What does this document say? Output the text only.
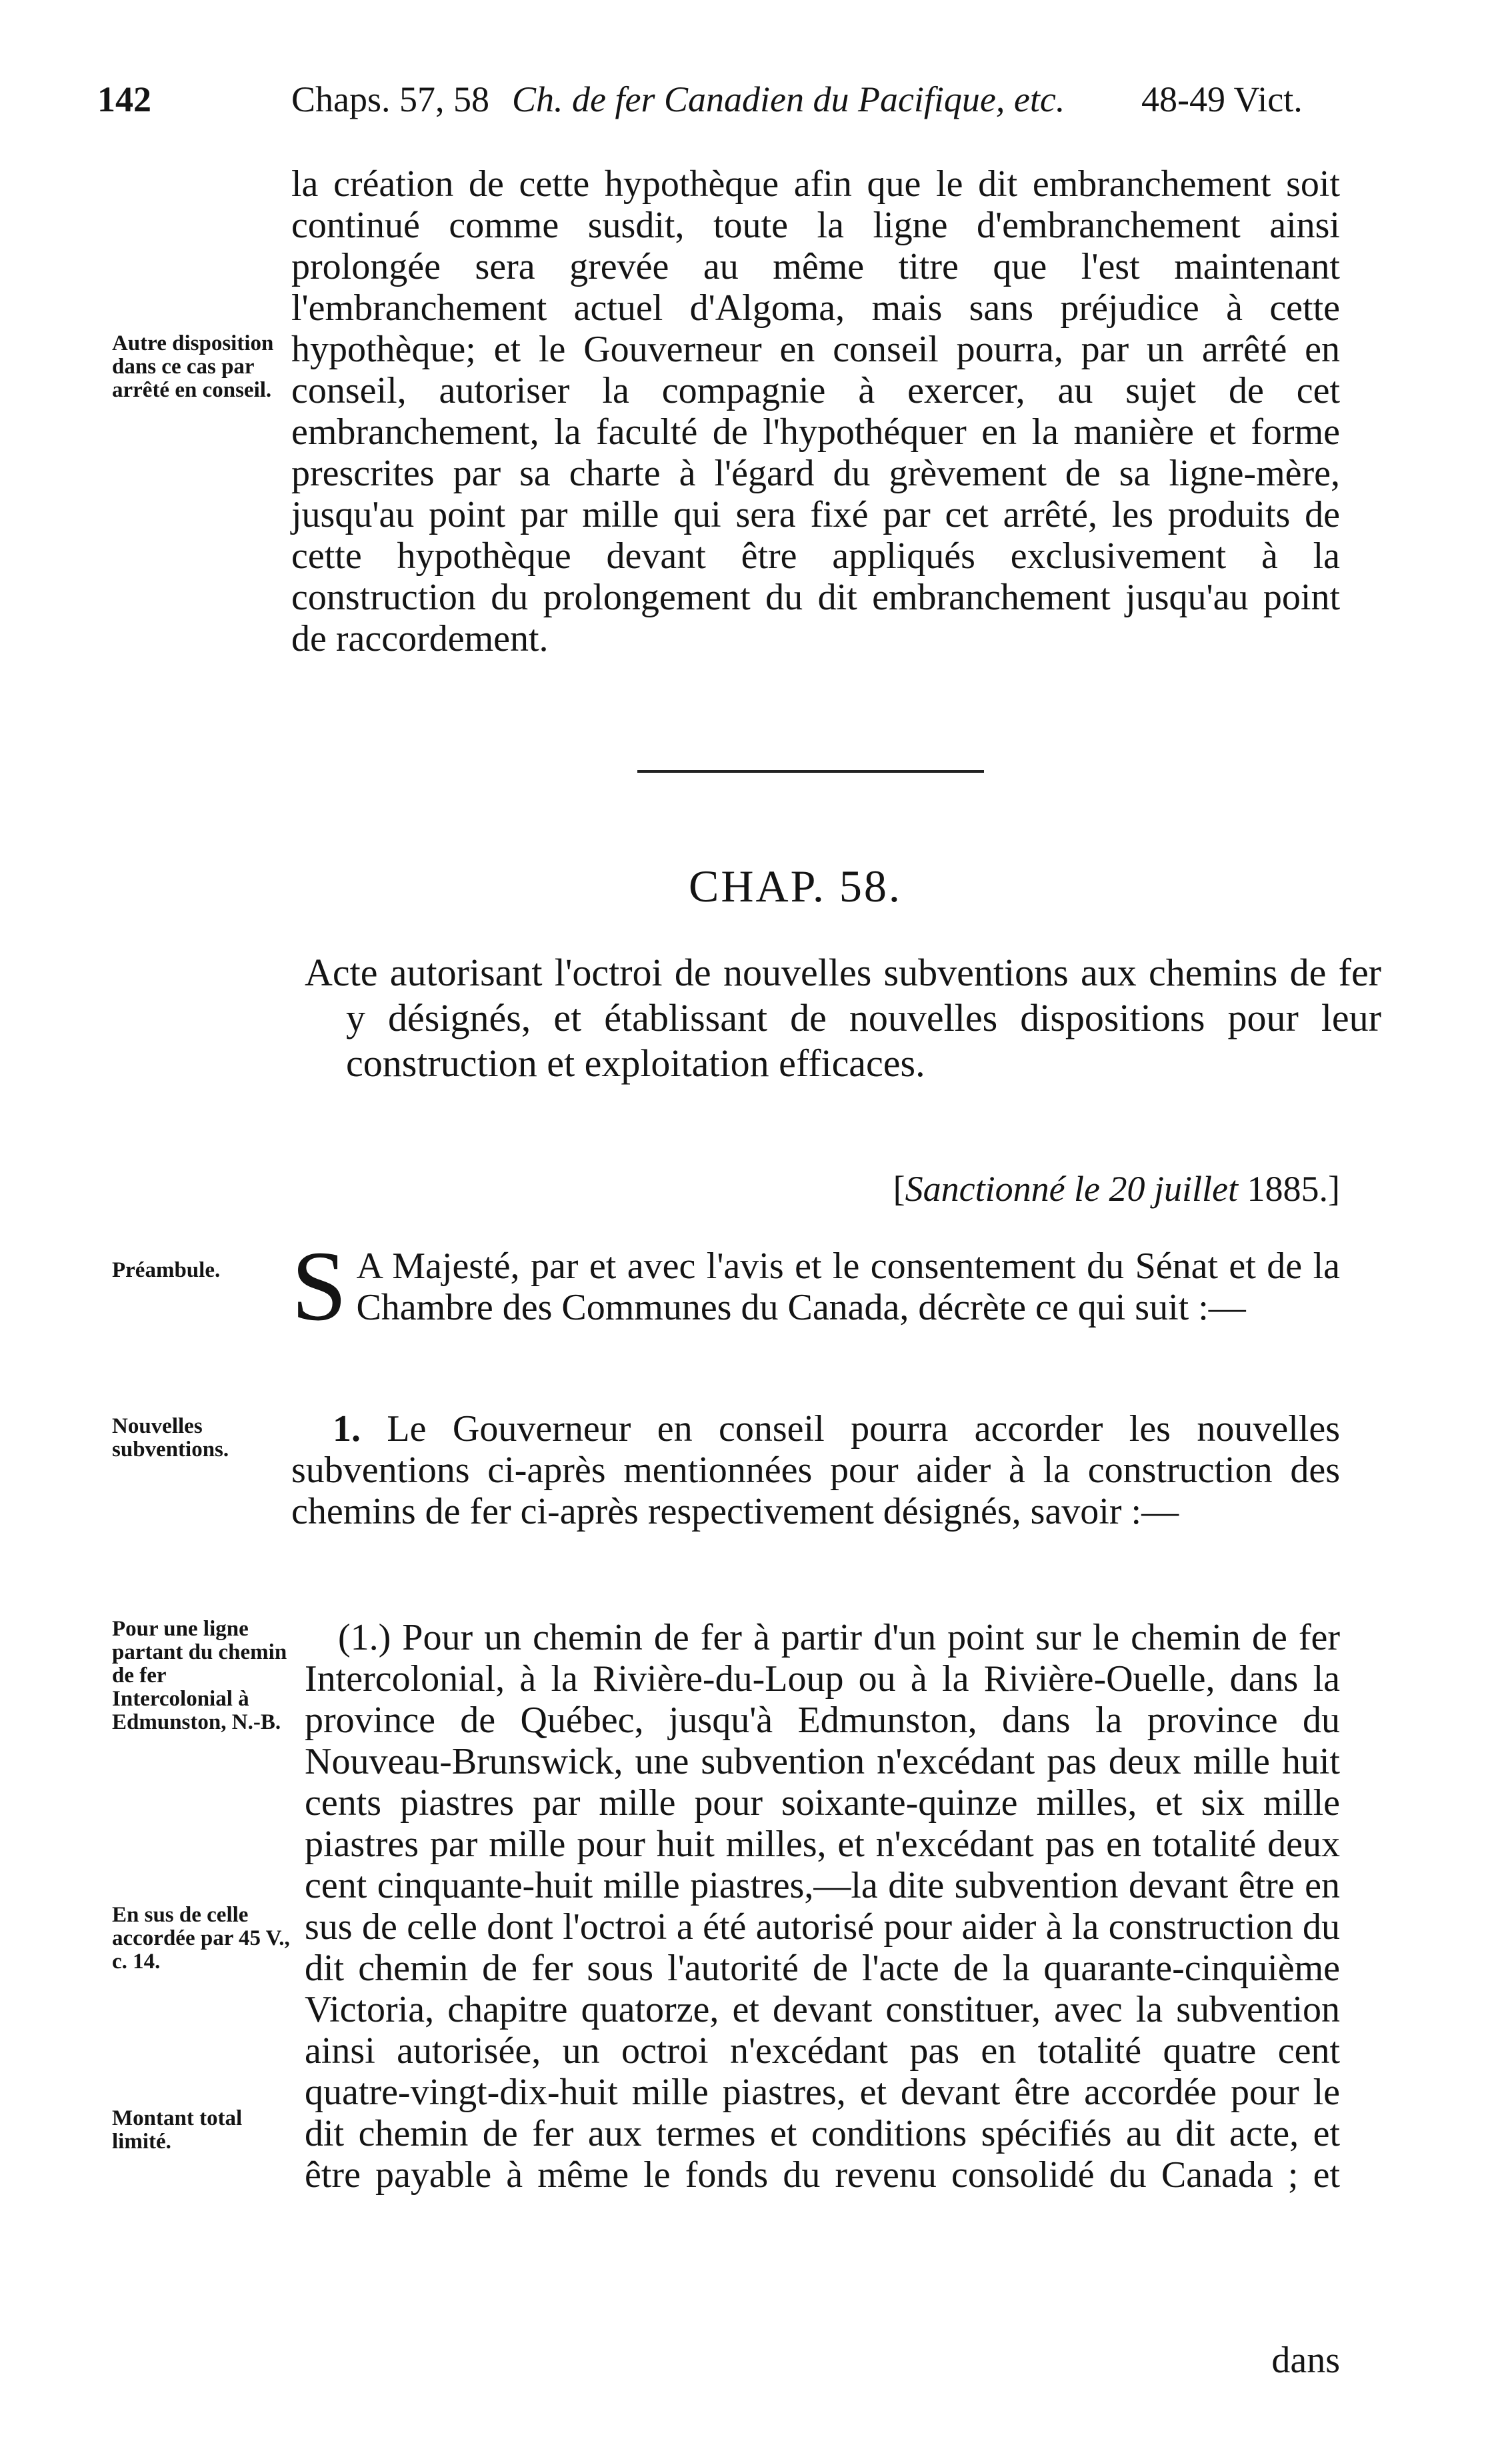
142	Chaps. 57, 58 Ch. de fer Canadien du Pacifique, etc. 48-49 Vict.

la création de cette hypothèque afin que le dit embranchement soit continué comme susdit, toute la ligne d'embranchement ainsi prolongée sera grevée au même titre que l'est maintenant l'embranchement actuel d'Algoma, mais sans préjudice à cette hypothèque; et le Gouverneur en conseil pourra, par un arrêté en conseil, autoriser la compagnie à exercer, au sujet de cet embranchement, la faculté de l'hypothéquer en la manière et forme prescrites par sa charte à l'égard du grèvement de sa ligne-mère, jusqu'au point par mille qui sera fixé par cet arrêté, les produits de cette hypothèque devant être appliqués exclusivement à la construction du prolongement du dit embranchement jusqu'au point de raccordement.

Autre disposition dans ce cas par arrêté en conseil.

CHAP. 58.

Acte autorisant l'octroi de nouvelles subventions aux chemins de fer y désignés, et établissant de nouvelles dispositions pour leur construction et exploitation efficaces.

[Sanctionné le 20 juillet 1885.]

Préambule. S A Majesté, par et avec l'avis et le consentement du Sénat et de la Chambre des Communes du Canada, décrète ce qui suit :—

Nouvelles subventions.	1. Le Gouverneur en conseil pourra accorder les nouvelles subventions ci-après mentionnées pour aider à la construction des chemins de fer ci-après respectivement désignés, savoir :—

Pour une ligne partant du chemin de fer Intercolonial à Edmunston, N.-B.

En sus de celle accordée par 45 V., c. 14.

Montant total limité.

(1.) Pour un chemin de fer à partir d'un point sur le chemin de fer Intercolonial, à la Rivière-du-Loup ou à la Rivière-Ouelle, dans la province de Québec, jusqu'à Edmunston, dans la province du Nouveau-Brunswick, une subvention n'excédant pas deux mille huit cents piastres par mille pour soixante-quinze milles, et six mille piastres par mille pour huit milles, et n'excédant pas en totalité deux cent cinquante-huit mille piastres,—la dite subvention devant être en sus de celle dont l'octroi a été autorisé pour aider à la construction du dit chemin de fer sous l'autorité de l'acte de la quarante-cinquième Victoria, chapitre quatorze, et devant constituer, avec la subvention ainsi autorisée, un octroi n'excédant pas en totalité quatre cent quatre-vingt-dix-huit mille piastres, et devant être accordée pour le dit chemin de fer aux termes et conditions spécifiés au dit acte, et être payable à même le fonds du revenu consolidé du Canada ; et

dans
